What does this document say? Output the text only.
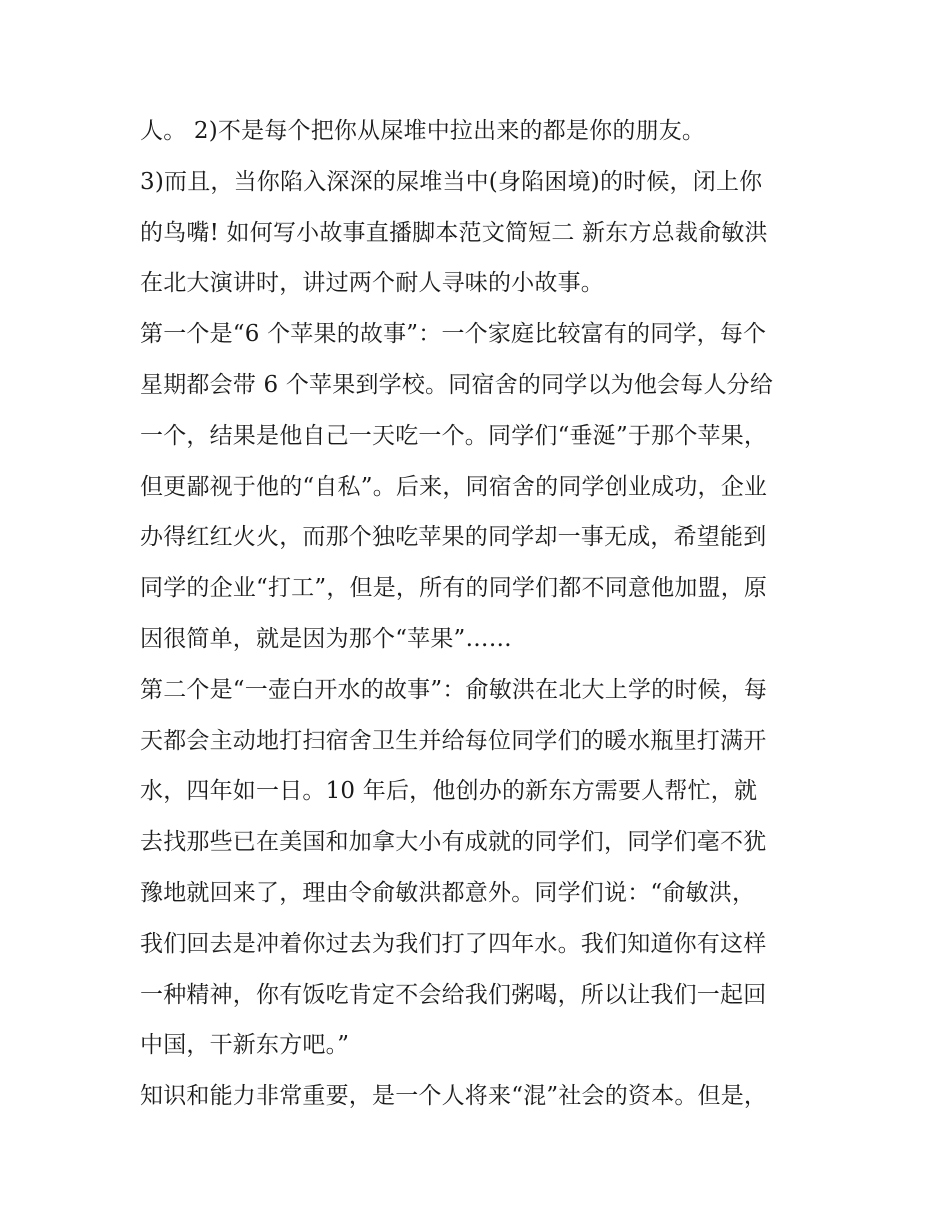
人。 2)不是每个把你从屎堆中拉出来的都是你的朋友。
3)而且，当你陷入深深的屎堆当中(身陷困境)的时候，闭上你
的鸟嘴! 如何写小故事直播脚本范文简短二 新东方总裁俞敏洪
在北大演讲时，讲过两个耐人寻味的小故事。
第一个是“6 个苹果的故事”：一个家庭比较富有的同学，每个
星期都会带 6 个苹果到学校。同宿舍的同学以为他会每人分给
一个，结果是他自己一天吃一个。同学们“垂涎”于那个苹果，
但更鄙视于他的“自私”。后来，同宿舍的同学创业成功，企业
办得红红火火，而那个独吃苹果的同学却一事无成，希望能到
同学的企业“打工”，但是，所有的同学们都不同意他加盟，原
因很简单，就是因为那个“苹果”……
第二个是“一壶白开水的故事”：俞敏洪在北大上学的时候，每
天都会主动地打扫宿舍卫生并给每位同学们的暖水瓶里打满开
水，四年如一日。10 年后，他创办的新东方需要人帮忙，就
去找那些已在美国和加拿大小有成就的同学们，同学们毫不犹
豫地就回来了，理由令俞敏洪都意外。同学们说：“俞敏洪，
我们回去是冲着你过去为我们打了四年水。我们知道你有这样
一种精神，你有饭吃肯定不会给我们粥喝，所以让我们一起回
中国，干新东方吧。”
知识和能力非常重要，是一个人将来“混”社会的资本。但是，
